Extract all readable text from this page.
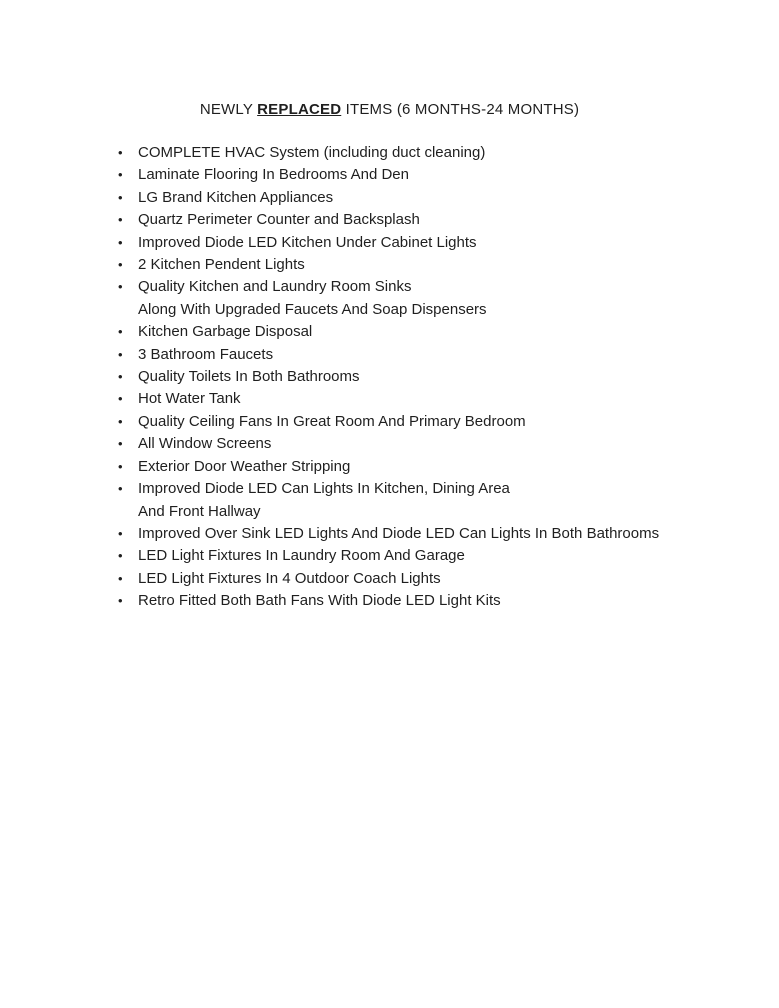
NEWLY REPLACED ITEMS (6 MONTHS-24 MONTHS)
•	COMPLETE HVAC System (including duct cleaning)
•	Laminate Flooring In Bedrooms And Den
•	LG Brand Kitchen Appliances
•	Quartz Perimeter Counter and Backsplash
•	Improved Diode LED Kitchen Under Cabinet Lights
•	2 Kitchen Pendent Lights
•	Quality Kitchen and Laundry Room Sinks
Along With Upgraded Faucets And Soap Dispensers
•	Kitchen Garbage Disposal
•	3 Bathroom Faucets
•	Quality Toilets In Both Bathrooms
•	Hot Water Tank
•	Quality Ceiling Fans In Great Room And Primary Bedroom
•	All Window Screens
•	Exterior Door Weather Stripping
•	Improved Diode LED Can Lights In Kitchen, Dining Area
And Front Hallway
•	Improved Over Sink LED Lights And Diode LED Can Lights In Both Bathrooms
•	LED Light Fixtures In Laundry Room And Garage
•	LED Light Fixtures In 4 Outdoor Coach Lights
•	Retro Fitted Both Bath Fans With Diode LED Light Kits
